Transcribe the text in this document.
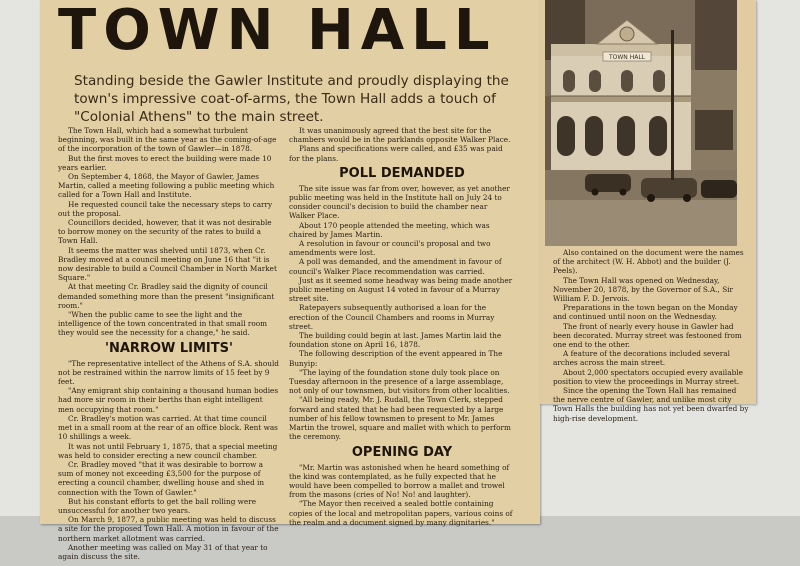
TOWN HALL
Standing beside the Gawler Institute and proudly displaying the town's impressive coat-of-arms, the Town Hall adds a touch of "Colonial Athens" to the main street.

The Town Hall, which had a somewhat turbulent beginning, was built in the same year as the coming-of-age of the incorporation of the town of Gawler—in 1878.

But the first moves to erect the building were made 10 years earlier.

On September 4, 1868, the Mayor of Gawler, James Martin, called a meeting following a public meeting which called for a Town Hall and Institute.

He requested council take the necessary steps to carry out the proposal.

Councillors decided, however, that it was not desirable to borrow money on the security of the rates to build a Town Hall.

It seems the matter was shelved until 1873, when Cr. Bradley moved at a council meeting on June 16 that "it is now desirable to build a Council Chamber in North Market Square."

At that meeting Cr. Bradley said the dignity of council demanded something more than the present "insignificant room."

"When the public came to see the light and the intelligence of the town concentrated in that small room they would see the necessity for a change," he said.

'NARROW LIMITS'

"The representative intellect of the Athens of S.A. should not be restrained within the narrow limits of 15 feet by 9 feet.

"Any emigrant ship containing a thousand human bodies had more sir room in their berths than eight intelligent men occupying that room."

Cr. Bradley's motion was carried. At that time council met in a small room at the rear of an office block. Rent was 10 shillings a week.

It was not until February 1, 1875, that a special meeting was held to consider erecting a new council chamber.

Cr. Bradley moved "that it was desirable to borrow a sum of money not exceeding £3,500 for the purpose of erecting a council chamber, dwelling house and shed in connection with the Town of Gawler."

But his constant efforts to get the ball rolling were unsuccessful for another two years.

On March 9, 1877, a public meeting was held to discuss a site for the proposed Town Hall. A motion in favour of the northern market allotment was carried.

Another meeting was called on May 31 of that year to again discuss the site.

It was unanimously agreed that the best site for the chambers would be in the parklands opposite Walker Place.

Plans and specifications were called, and £35 was paid for the plans.

POLL DEMANDED

The site issue was far from over, however, as yet another public meeting was held in the Institute hall on July 24 to consider council's decision to build the chamber near Walker Place.

About 170 people attended the meeting, which was chaired by James Martin.

A resolution in favour or council's proposal and two amendments were lost.

A poll was demanded, and the amendment in favour of council's Walker Place recommendation was carried.

Just as it seemed some headway was being made another public meeting on August 14 voted in favour of a Murray street site.

Ratepayers subsequently authorised a loan for the erection of the Council Chambers and rooms in Murray street.

The building could begin at last. James Martin laid the foundation stone on April 16, 1878.

The following description of the event appeared in The Bunyip:

"The laying of the foundation stone duly took place on Tuesday afternoon in the presence of a large assemblage, not only of our townsmen, but visitors from other localities.

"All being ready, Mr. J. Rudall, the Town Clerk, stepped forward and stated that he had been requested by a large number of his fellow townsmen to present to Mr. James Martin the trowel, square and mallet with which to perform the ceremony.

OPENING DAY

"Mr. Martin was astonished when he heard something of the kind was contemplated, as he fully expected that he would have been compelled to borrow a mallet and trowel from the masons (cries of No! No! and laughter).

"The Mayor then received a sealed bottle containing copies of the local and metropolitan papers, various coins of the realm and a document signed by many dignitaries."

TOWN HALL

Also contained on the document were the names of the architect (W. H. Abbot) and the builder (J. Peels).

The Town Hall was opened on Wednesday, November 20, 1878, by the Governor of S.A., Sir William F. D. Jervois.

Preparations in the town began on the Monday and continued until noon on the Wednesday.

The front of nearly every house in Gawler had been decorated. Murray street was festooned from one end to the other.

A feature of the decorations included several arches across the main street.

About 2,000 spectators occupied every available position to view the proceedings in Murray street.

Since the opening the Town Hall has remained the nerve centre of Gawler, and unlike most city Town Halls the building has not yet been dwarfed by high-rise development.
